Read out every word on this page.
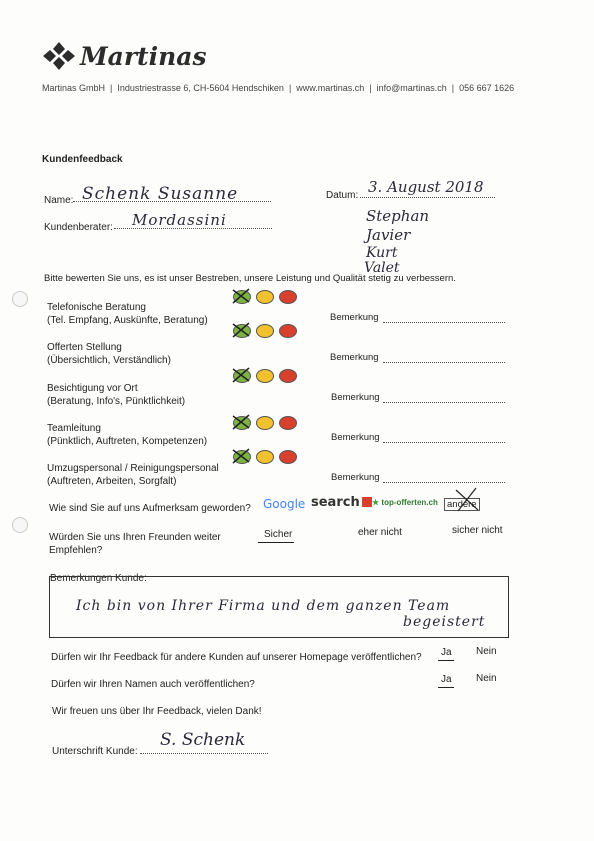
Martinas
Martinas GmbH  |  Industriestrasse 6, CH-5604 Hendschiken  |  www.martinas.ch  |  info@martinas.ch  |  056 667 1626
Kundenfeedback
Name: Schenk Susanne	Datum: 3. August 2018
Kundenberater: Mordassini	Stephan
Javier
Kurt
Valet
Bitte bewerten Sie uns, es ist unser Bestreben, unsere Leistung und Qualität stetig zu verbessern.
Telefonische Beratung
(Tel. Empfang, Auskünfte, Beratung)	Bemerkung
Offerten Stellung
(Übersichtlich, Verständlich)	Bemerkung
Besichtigung vor Ort
(Beratung, Info's, Pünktlichkeit)	Bemerkung
Teamleitung
(Pünktlich, Auftreten, Kompetenzen)	Bemerkung
Umzugspersonal / Reinigungspersonal
(Auftreten, Arbeiten, Sorgfalt)	Bemerkung
Wie sind Sie auf uns Aufmerksam geworden? Google search	★ top-offerten.ch andere
Würden Sie uns Ihren Freunden weiter
Empfehlen?
Sicher	eher nicht	sicher nicht
Bemerkungen Kunde:
Ich bin von Ihrer Firma und dem ganzen Team
begeistert
Dürfen wir Ihr Feedback für andere Kunden auf unserer Homepage veröffentlichen? Ja Nein
Dürfen wir Ihren Namen auch veröffentlichen?	Ja Nein
Wir freuen uns über Ihr Feedback, vielen Dank!
Unterschrift Kunde:
S. Schenk
